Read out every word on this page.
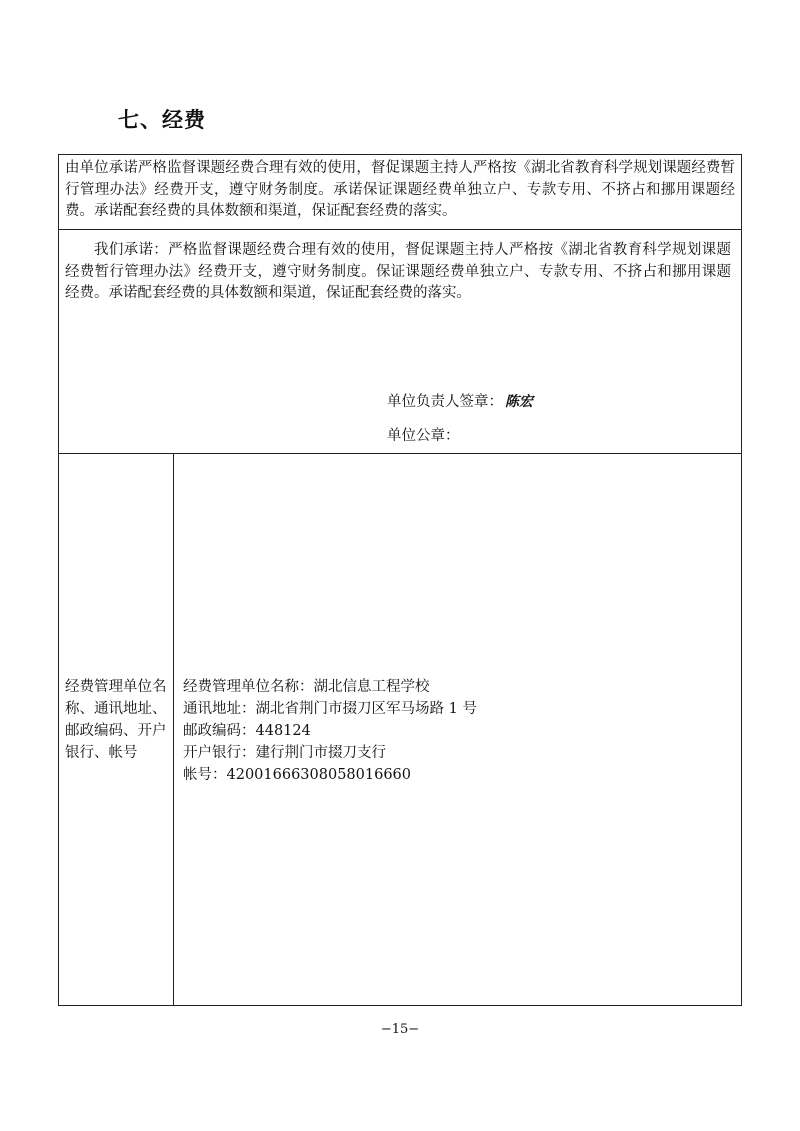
七、经费

由单位承诺严格监督课题经费合理有效的使用，督促课题主持人严格按《湖北省教育科学规划课题经费暂行管理办法》经费开支，遵守财务制度。承诺保证课题经费单独立户、专款专用、不挤占和挪用课题经费。承诺配套经费的具体数额和渠道，保证配套经费的落实。

我们承诺：严格监督课题经费合理有效的使用，督促课题主持人严格按《湖北省教育科学规划课题经费暂行管理办法》经费开支，遵守财务制度。保证课题经费单独立户、专款专用、不挤占和挪用课题经费。承诺配套经费的具体数额和渠道，保证配套经费的落实。

单位负责人签章： 陈宏
单位公章：

经费管理单位名称、通讯地址、邮政编码、开户银行、帐号

经费管理单位名称：湖北信息工程学校
通讯地址：湖北省荆门市掇刀区军马场路 1 号
邮政编码：448124
开户银行：建行荆门市掇刀支行
帐号：42001666308058016660
−15−
